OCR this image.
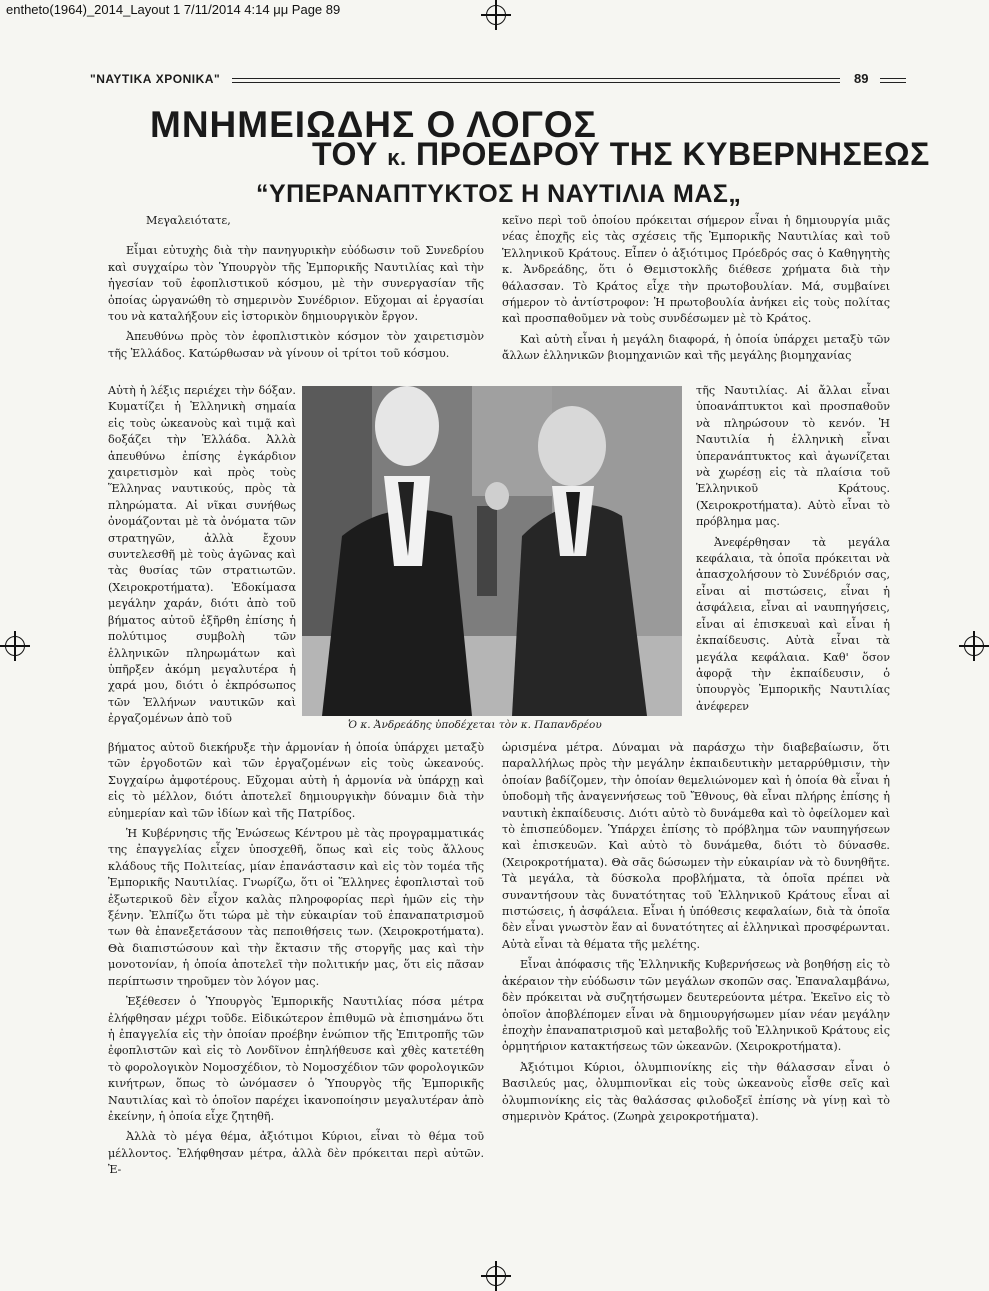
entheto(1964)_2014_Layout 1 7/11/2014 4:14 μμ Page 89
"ΝΑΥΤΙΚΑ ΧΡΟΝΙΚΑ"	89
ΜΝΗΜΕΙΩΔΗΣ Ο ΛΟΓΟΣ
ΤΟΥ κ. ΠΡΟΕΔΡΟΥ ΤΗΣ ΚΥΒΕΡΝΗΣΕΩΣ
“ΥΠΕΡΑΝΑΠΤΥΚΤΟΣ Η ΝΑΥΤΙΛΙΑ ΜΑΣ„

Μεγαλειότατε,

Εἶμαι εὐτυχὴς διὰ τὴν πανηγυρικὴν εὐόδωσιν τοῦ Συνεδρίου καὶ συγχαίρω τὸν Ὑπουργὸν τῆς Ἐμπορικῆς Ναυτιλίας καὶ τὴν ἡγεσίαν τοῦ ἐφοπλιστικοῦ κόσμου, μὲ τὴν συνεργασίαν τῆς ὁποίας ὠργανώθη τὸ σημερινὸν Συνέδριον. Εὔχομαι αἱ ἐργασίαι του νὰ καταλήξουν εἰς ἱστορικὸν δημιουργικὸν ἔργον.

Ἀπευθύνω πρὸς τὸν ἐφοπλιστικὸν κόσμον τὸν χαιρετισμὸν τῆς Ἑλλάδος. Κατώρθωσαν νὰ γίνουν οἱ τρίτοι τοῦ κόσμου.

Αὐτὴ ἡ λέξις περιέχει τὴν δόξαν. Κυματίζει ἡ Ἑλληνικὴ σημαία εἰς τοὺς ὠκεανοὺς καὶ τιμᾷ καὶ δοξάζει τὴν Ἑλλάδα. Ἀλλὰ ἀπευθύνω ἐπίσης ἐγκάρδιον χαιρετισμὸν καὶ πρὸς τοὺς Ἕλληνας ναυτικούς, πρὸς τὰ πληρώματα. Αἱ νῖκαι συνήθως ὀνομάζονται μὲ τὰ ὀνόματα τῶν στρατηγῶν, ἀλλὰ ἔχουν συντελεσθῆ μὲ τοὺς ἀγῶνας καὶ τὰς θυσίας τῶν στρατιωτῶν. (Χειροκροτήματα). Ἐδοκίμασα μεγάλην χαράν, διότι ἀπὸ τοῦ βήματος αὐτοῦ ἐξῆρθη ἐπίσης ἡ πολύτιμος συμβολὴ τῶν ἑλληνικῶν πληρωμάτων καὶ ὑπῆρξεν ἀκόμη μεγαλυτέρα ἡ χαρά μου, διότι ὁ ἐκπρόσωπος τῶν Ἑλλήνων ναυτικῶν καὶ ἐργαζομένων ἀπὸ τοῦ	Ὁ κ. Ἀνδρεάδης ὑποδέχεται τὸν κ. Παπανδρέου

βήματος αὐτοῦ διεκήρυξε τὴν ἁρμονίαν ἡ ὁποία ὑπάρχει μεταξὺ τῶν ἐργοδοτῶν καὶ τῶν ἐργαζομένων εἰς τοὺς ὠκεανούς. Συγχαίρω ἀμφοτέρους. Εὔχομαι αὐτὴ ἡ ἁρμονία νὰ ὑπάρχῃ καὶ εἰς τὸ μέλλον, διότι ἀποτελεῖ δημιουργικὴν δύναμιν διὰ τὴν εὐημερίαν καὶ τῶν ἰδίων καὶ τῆς Πατρίδος.

Ἡ Κυβέρνησις τῆς Ἑνώσεως Κέντρου μὲ τὰς προγραμματικάς της ἐπαγγελίας εἶχεν ὑποσχεθῆ, ὅπως καὶ εἰς τοὺς ἄλλους κλάδους τῆς Πολιτείας, μίαν ἐπανάστασιν καὶ εἰς τὸν τομέα τῆς Ἐμπορικῆς Ναυτιλίας. Γνωρίζω, ὅτι οἱ Ἕλληνες ἐφοπλισταὶ τοῦ ἐξωτερικοῦ δὲν εἶχον καλὰς πληροφορίας περὶ ἡμῶν εἰς τὴν ξένην. Ἐλπίζω ὅτι τώρα μὲ τὴν εὐκαιρίαν τοῦ ἐπαναπατρισμοῦ των θὰ ἐπανεξετάσουν τὰς πεποιθήσεις των. (Χειροκροτήματα). Θὰ διαπιστώσουν καὶ τὴν ἔκτασιν τῆς στοργῆς μας καὶ τὴν μονοτονίαν, ἡ ὁποία ἀποτελεῖ τὴν πολιτικήν μας, ὅτι εἰς πᾶσαν περίπτωσιν τηροῦμεν τὸν λόγον μας.

Ἐξέθεσεν ὁ Ὑπουργὸς Ἐμπορικῆς Ναυτιλίας πόσα μέτρα ἐλήφθησαν μέχρι τοῦδε. Εἰδικώτερον ἐπιθυμῶ νὰ ἐπισημάνω ὅτι ἡ ἐπαγγελία εἰς τὴν ὁποίαν προέβην ἐνώπιον τῆς Ἐπιτροπῆς τῶν ἐφοπλιστῶν καὶ εἰς τὸ Λονδῖνον ἐπηλήθευσε καὶ χθὲς κατετέθη τὸ φορολογικὸν Νομοσχέδιον, τὸ Νομοσχέδιον τῶν φορολογικῶν κινήτρων, ὅπως τὸ ὠνόμασεν ὁ Ὑπουργὸς τῆς Ἐμπορικῆς Ναυτιλίας καὶ τὸ ὁποῖον παρέχει ἱκανοποίησιν μεγαλυτέραν ἀπὸ ἐκείνην, ἡ ὁποία εἶχε ζητηθῆ.

Ἀλλὰ τὸ μέγα θέμα, ἀξιότιμοι Κύριοι, εἶναι τὸ θέμα τοῦ μέλλοντος. Ἐλήφθησαν μέτρα, ἀλλὰ δὲν πρόκειται περὶ αὐτῶν. Ἐ-

κεῖνο περὶ τοῦ ὁποίου πρόκειται σήμερον εἶναι ἡ δημιουργία μιᾶς νέας ἐποχῆς εἰς τὰς σχέσεις τῆς Ἐμπορικῆς Ναυτιλίας καὶ τοῦ Ἑλληνικοῦ Κράτους. Εἶπεν ὁ ἀξιότιμος Πρόεδρός σας ὁ Καθηγητὴς κ. Ἀνδρεάδης, ὅτι ὁ Θεμιστοκλῆς διέθεσε χρήματα διὰ τὴν θάλασσαν. Τὸ Κράτος εἶχε τὴν πρωτοβουλίαν. Μά, συμβαίνει σήμερον τὸ ἀντίστροφον: Ἡ πρωτοβουλία ἀνήκει εἰς τοὺς πολίτας καὶ προσπαθοῦμεν νὰ τοὺς συνδέσωμεν μὲ τὸ Κράτος.

Καὶ αὐτὴ εἶναι ἡ μεγάλη διαφορά, ἡ ὁποία ὑπάρχει μεταξὺ τῶν ἄλλων ἑλληνικῶν βιομηχανιῶν καὶ τῆς μεγάλης βιομηχανίας

τῆς Ναυτιλίας. Αἱ ἄλλαι εἶναι ὑποανάπτυκτοι καὶ προσπαθοῦν νὰ πληρώσουν τὸ κενόν. Ἡ Ναυτιλία ἡ ἑλληνικὴ εἶναι ὑπερανάπτυκτος καὶ ἀγωνίζεται νὰ χωρέσῃ εἰς τὰ πλαίσια τοῦ Ἑλληνικοῦ Κράτους. (Χειροκροτήματα). Αὐτὸ εἶναι τὸ πρόβλημα μας.

Ἀνεφέρθησαν τὰ μεγάλα κεφάλαια, τὰ ὁποῖα πρόκειται νὰ ἀπασχολήσουν τὸ Συνέδριόν σας, εἶναι αἱ πιστώσεις, εἶναι ἡ ἀσφάλεια, εἶναι αἱ ναυπηγήσεις, εἶναι αἱ ἐπισκευαὶ καὶ εἶναι ἡ ἐκπαίδευσις. Αὐτὰ εἶναι τὰ μεγάλα κεφάλαια. Καθ' ὅσον ἀφορᾷ τὴν ἐκπαίδευσιν, ὁ ὑπουργὸς Ἐμπορικῆς Ναυτιλίας ἀνέφερεν

ὡρισμένα μέτρα. Δύναμαι νὰ παράσχω τὴν διαβεβαίωσιν, ὅτι παραλλήλως πρὸς τὴν μεγάλην ἐκπαιδευτικὴν μεταρρύθμισιν, τὴν ὁποίαν βαδίζομεν, τὴν ὁποίαν θεμελιώνομεν καὶ ἡ ὁποία θὰ εἶναι ἡ ὑποδομὴ τῆς ἀναγεννήσεως τοῦ Ἔθνους, θὰ εἶναι πλήρης ἐπίσης ἡ ναυτικὴ ἐκπαίδευσις. Διότι αὐτὸ τὸ δυνάμεθα καὶ τὸ ὀφείλομεν καὶ τὸ ἐπισπεύδομεν. Ὑπάρχει ἐπίσης τὸ πρόβλημα τῶν ναυπηγήσεων καὶ ἐπισκευῶν. Καὶ αὐτὸ τὸ δυνάμεθα, διότι τὸ δύνασθε. (Χειροκροτήματα). Θὰ σᾶς δώσωμεν τὴν εὐκαιρίαν νὰ τὸ δυνηθῆτε. Τὰ μεγάλα, τὰ δύσκολα προβλήματα, τὰ ὁποῖα πρέπει νὰ συναντήσουν τὰς δυνατότητας τοῦ Ἑλληνικοῦ Κράτους εἶναι αἱ πιστώσεις, ἡ ἀσφάλεια. Εἶναι ἡ ὑπόθεσις κεφαλαίων, διὰ τὰ ὁποῖα δὲν εἶναι γνωστὸν ἕαν αἱ δυνατότητες αἱ ἑλληνικαὶ προσφέρωνται. Αὐτὰ εἶναι τὰ θέματα τῆς μελέτης.

Εἶναι ἀπόφασις τῆς Ἑλληνικῆς Κυβερνήσεως νὰ βοηθήσῃ εἰς τὸ ἀκέραιον τὴν εὐόδωσιν τῶν μεγάλων σκοπῶν σας. Ἐπαναλαμβάνω, δὲν πρόκειται νὰ συζητήσωμεν δευτερεύοντα μέτρα. Ἐκεῖνο εἰς τὸ ὁποῖον ἀποβλέπομεν εἶναι νὰ δημιουργήσωμεν μίαν νέαν μεγάλην ἐποχὴν ἐπαναπατρισμοῦ καὶ μεταβολῆς τοῦ Ἑλληνικοῦ Κράτους εἰς ὁρμητήριον κατακτήσεως τῶν ὠκεανῶν. (Χειροκροτήματα).

Ἀξιότιμοι Κύριοι, ὀλυμπιονίκης εἰς τὴν θάλασσαν εἶναι ὁ Βασιλεύς μας, ὀλυμπιονῖκαι εἰς τοὺς ὠκεανοὺς εἶσθε σεῖς καὶ ὀλυμπιονίκης εἰς τὰς θαλάσσας φιλοδοξεῖ ἐπίσης νὰ γίνῃ καὶ τὸ σημερινὸν Κράτος. (Ζωηρὰ χειροκροτήματα).
